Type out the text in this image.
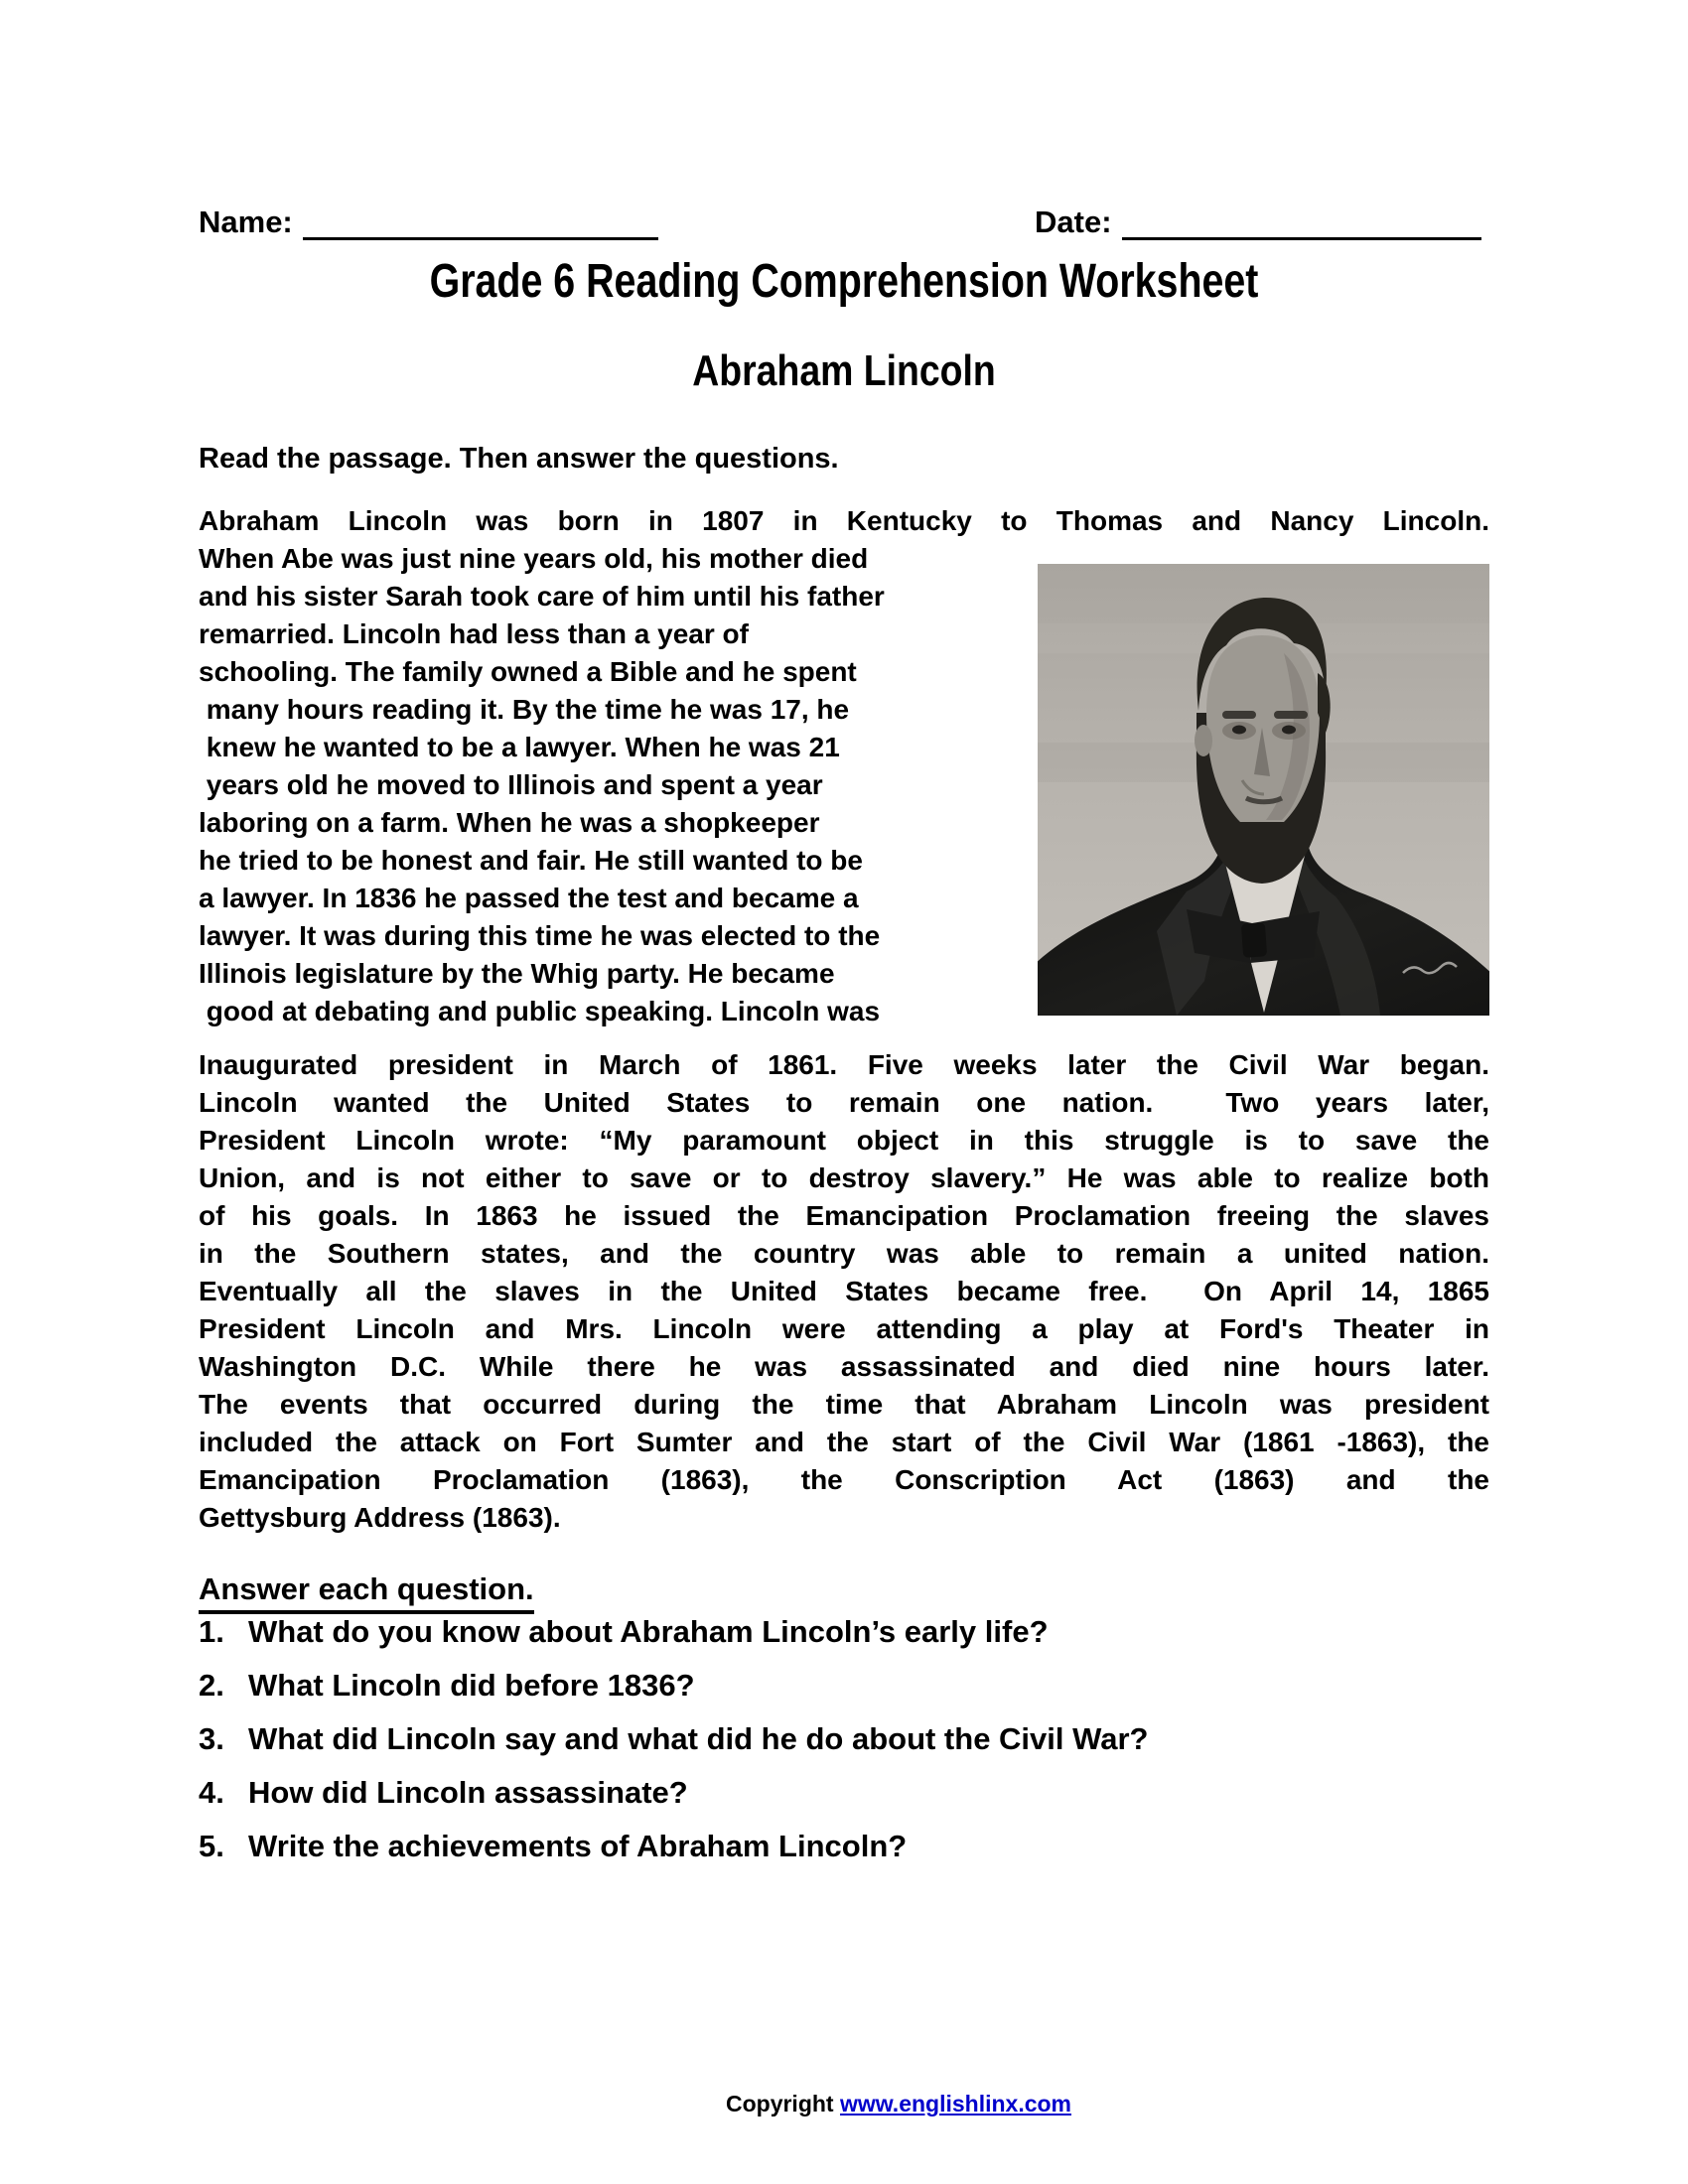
Name:	Date:
Grade 6 Reading Comprehension Worksheet
Abraham Lincoln
Read the passage. Then answer the questions.
Abraham Lincoln was born in 1807 in Kentucky to Thomas and Nancy Lincoln.
When Abe was just nine years old, his mother died
and his sister Sarah took care of him until his father
remarried. Lincoln had less than a year of
schooling. The family owned a Bible and he spent
many hours reading it. By the time he was 17, he
knew he wanted to be a lawyer. When he was 21
years old he moved to Illinois and spent a year
laboring on a farm. When he was a shopkeeper
he tried to be honest and fair. He still wanted to be
a lawyer. In 1836 he passed the test and became a
lawyer. It was during this time he was elected to the
Illinois legislature by the Whig party. He became
good at debating and public speaking. Lincoln was
Inaugurated president in March of 1861. Five weeks later the Civil War began.
Lincoln wanted the United States to remain one nation.  Two years later,
President Lincoln wrote: “My paramount object in this struggle is to save the
Union, and is not either to save or to destroy slavery.” He was able to realize both
of his goals. In 1863 he issued the Emancipation Proclamation freeing the slaves
in the Southern states, and the country was able to remain a united nation.
Eventually all the slaves in the United States became free.  On April 14, 1865
President Lincoln and Mrs. Lincoln were attending a play at Ford's Theater in
Washington D.C. While there he was assassinated and died nine hours later.
The events that occurred during the time that Abraham Lincoln was president
included the attack on Fort Sumter and the start of the Civil War (1861 -1863), the
Emancipation Proclamation (1863), the Conscription Act (1863) and the
Gettysburg Address (1863).
Answer each question.
1. What do you know about Abraham Lincoln’s early life?
2. What Lincoln did before 1836?
3. What did Lincoln say and what did he do about the Civil War?
4. How did Lincoln assassinate?
5. Write the achievements of Abraham Lincoln?
Copyright www.englishlinx.com
